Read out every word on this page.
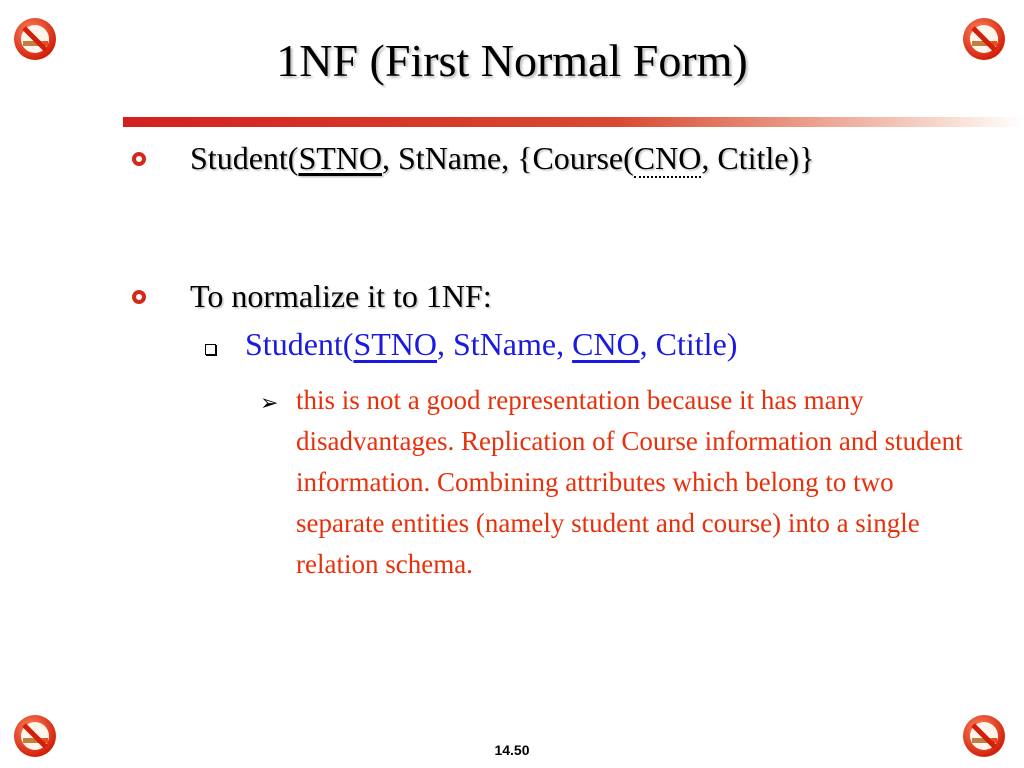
1NF (First Normal Form)
Student(STNO, StName, {Course(CNO, Ctitle)}
To normalize it to 1NF:
Student(STNO, StName, CNO, Ctitle)
➢ this is not a good representation because it has many disadvantages. Replication of Course information and student information. Combining attributes which belong to two separate entities (namely student and course) into a single relation schema.
14.50
